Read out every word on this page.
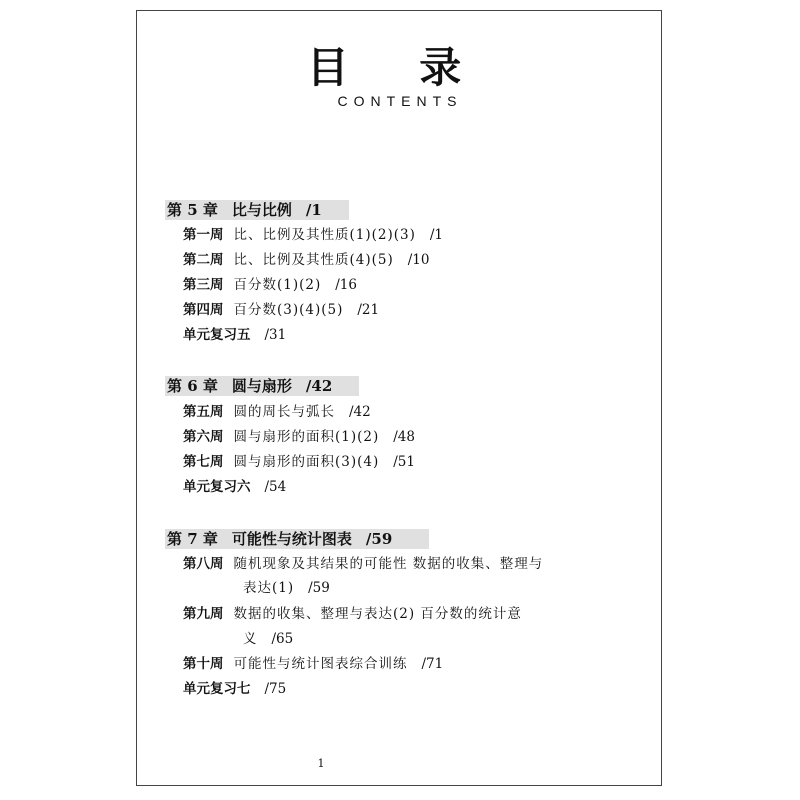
目 录
CONTENTS
第 5 章 比与比例 /1
第一周 比、比例及其性质(1)(2)(3) /1
第二周 比、比例及其性质(4)(5) /10
第三周 百分数(1)(2) /16
第四周 百分数(3)(4)(5) /21
单元复习五 /31
第 6 章 圆与扇形 /42
第五周 圆的周长与弧长 /42
第六周 圆与扇形的面积(1)(2) /48
第七周 圆与扇形的面积(3)(4) /51
单元复习六 /54
第 7 章 可能性与统计图表 /59
第八周 随机现象及其结果的可能性 数据的收集、整理与
表达(1) /59
第九周 数据的收集、整理与表达(2) 百分数的统计意
义 /65
第十周 可能性与统计图表综合训练 /71
单元复习七 /75
1
